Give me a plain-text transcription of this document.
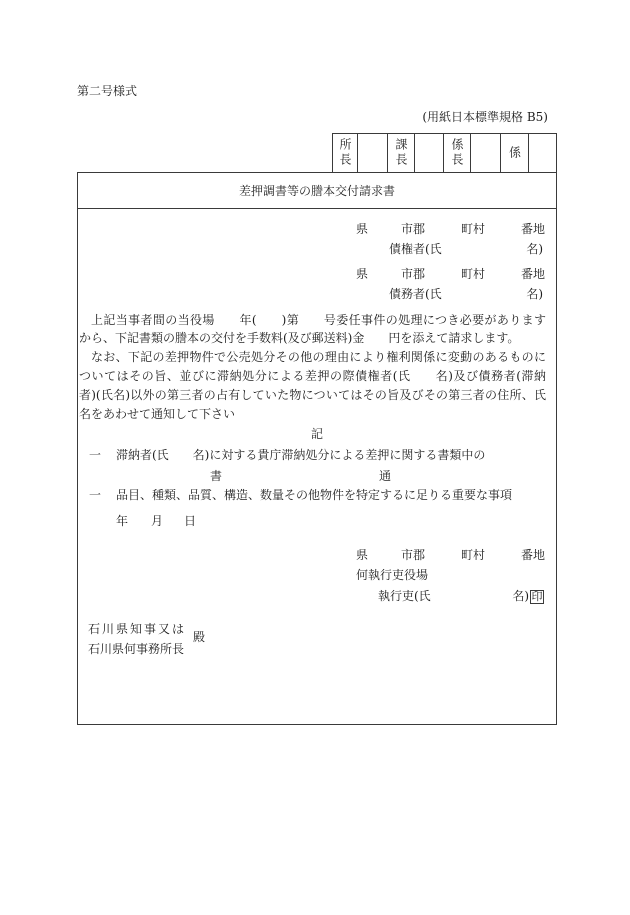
第二号様式
(用紙日本標準規格 B5)
所長	課長	係長	係
差押調書等の謄本交付請求書
県	市郡	町村	番地
債権者(氏	名)
県	市郡	町村	番地
債務者(氏	名)
上記当事者間の当役場　　年(　　)第　　号委任事件の処理につき必要があります
から、下記書類の謄本の交付を手数料(及び郵送料)金　　円を添えて請求します。
なお、下記の差押物件で公売処分その他の理由により権利関係に変動のあるものに
ついてはその旨、並びに滞納処分による差押の際債権者(氏　　名)及び債務者(滞納
者)(氏名)以外の第三者の占有していた物についてはその旨及びその第三者の住所、氏
名をあわせて通知して下さい
記
一 滞納者(氏　　名)に対する貴庁滞納処分による差押に関する書類中の
書	通
一 品目、種類、品質、構造、数量その他物件を特定するに足りる重要な事項
年 月 日
県	市郡	町村	番地
何執行吏役場
執行吏(氏	名) 印
石川県知事又は
石川県何事務所長
殿
